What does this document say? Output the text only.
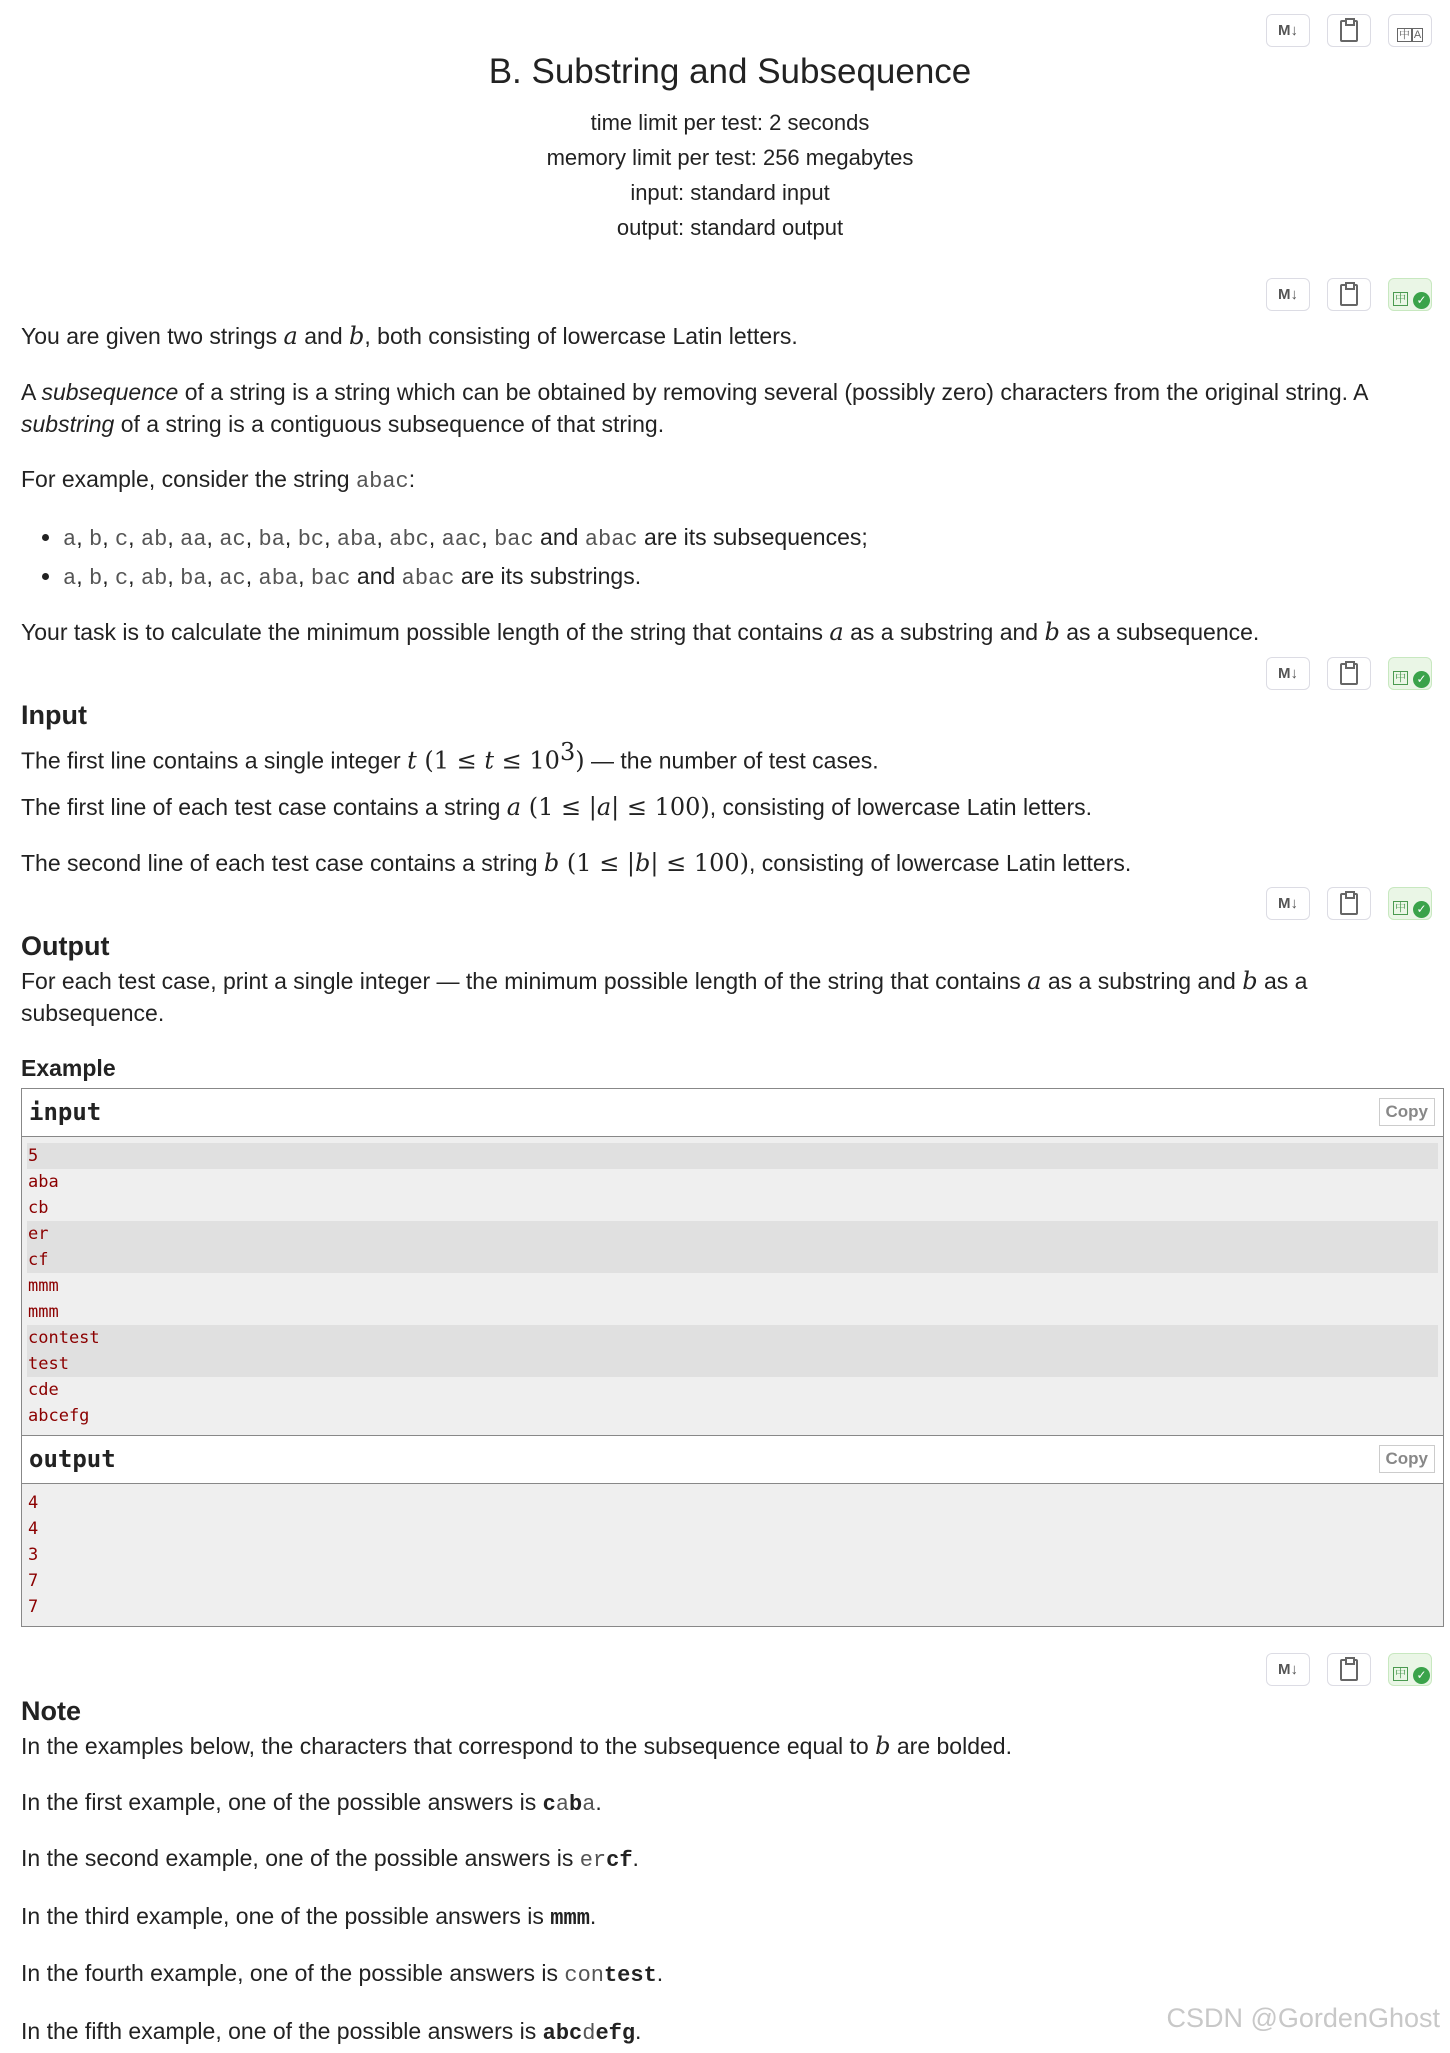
B. Substring and Subsequence
time limit per test: 2 seconds
memory limit per test: 256 megabytes
input: standard input
output: standard output
M↓	中 A
M↓	中 ✓
M↓	中 ✓
M↓	中 ✓
M↓	中 ✓
You are given two strings a and b, both consisting of lowercase Latin letters.
A subsequence of a string is a string which can be obtained by removing several (possibly zero) characters from the original string. A substring of a string is a contiguous subsequence of that string.
For example, consider the string abac:
• a, b, c, ab, aa, ac, ba, bc, aba, abc, aac, bac and abac are its subsequences;
• a, b, c, ab, ba, ac, aba, bac and abac are its substrings.
Your task is to calculate the minimum possible length of the string that contains a as a substring and b as a subsequence.
Input
The first line contains a single integer t $(1 \le t \le 10^3)$ — the number of test cases.
The first line of each test case contains a string a (1 ≤ |a| ≤ 100), consisting of lowercase Latin letters.
The second line of each test case contains a string b (1 ≤ |b| ≤ 100), consisting of lowercase Latin letters.
Output
For each test case, print a single integer — the minimum possible length of the string that contains a as a substring and b as a subsequence.
Example
input	Copy
5
aba
cb
er
cf
mmm
mmm
contest
test
cde
abcefg
output	Copy
4
4
3
7
7
Note
In the examples below, the characters that correspond to the subsequence equal to b are bolded.
In the first example, one of the possible answers is caba.
In the second example, one of the possible answers is ercf.
In the third example, one of the possible answers is mmm.
In the fourth example, one of the possible answers is contest.
In the fifth example, one of the possible answers is abcdefg.	CSDN @GordenGhost
